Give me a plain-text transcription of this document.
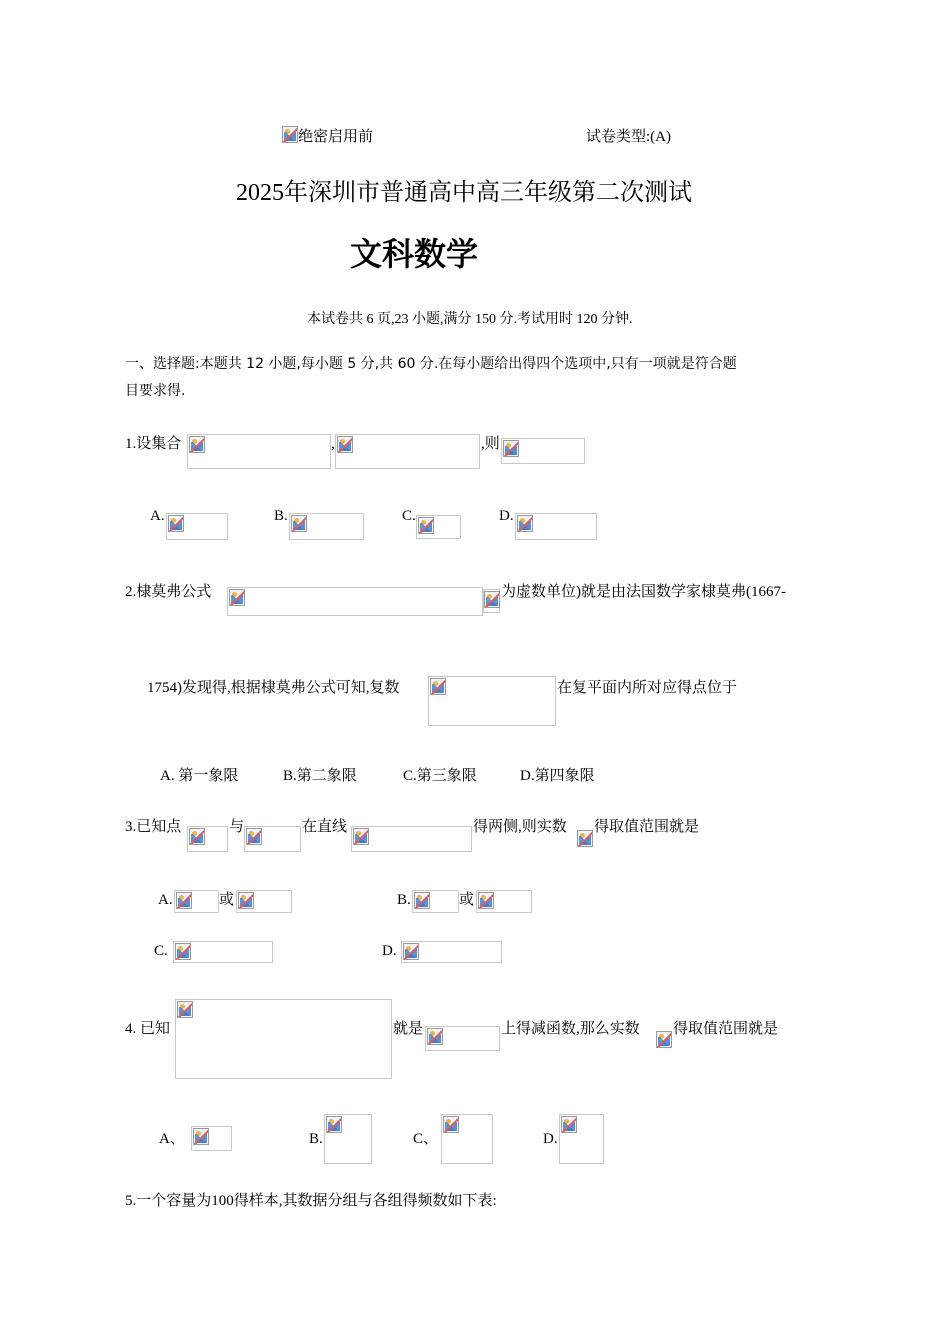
绝密启用前	试卷类型:(A)
2025年深圳市普通高中高三年级第二次测试
文科数学
本试卷共 6 页,23 小题,满分 150 分.考试用时 120 分钟.
一、选择题:本题共 12 小题,每小题 5 分,共 60 分.在每小题给出得四个选项中,只有一项就是符合题
目要求得.
1.设集合	,	,则
A.	B.	C.	D.
2.棣莫弗公式	为虚数单位)就是由法国数学家棣莫弗(1667-
1754)发现得,根据棣莫弗公式可知,复数	在复平面内所对应得点位于
A. 第一象限	B.第二象限	C.第三象限	D.第四象限
3.已知点	与	在直线	得两侧,则实数 得取值范围就是
A.	或	B.	或
C.	D.
4. 已知	就是	上得减函数,那么实数 得取值范围就是
A、	B.	C、	D.
5.一个容量为100得样本,其数据分组与各组得频数如下表:
